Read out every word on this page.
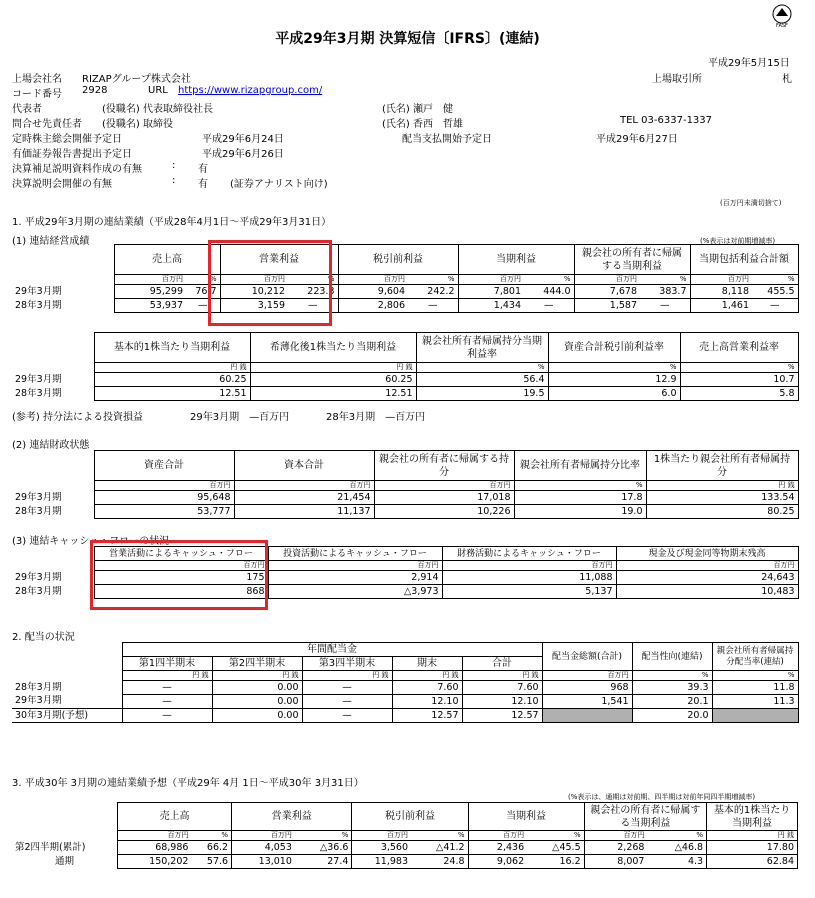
平成29年3月期 決算短信〔IFRS〕(連結)
FASF
平成29年5月15日
上場会社名 RIZAPグループ株式会社	上場取引所	札
コード番号 2928	URL https://www.rizapgroup.com/
代表者	(役職名) 代表取締役社長	(氏名) 瀬戸　健
問合せ先責任者 (役職名) 取締役	(氏名) 香西　哲雄	TEL 03-6337-1337
定時株主総会開催予定日	平成29年6月24日	配当支払開始予定日	平成29年6月27日
有価証券報告書提出予定日	平成29年6月26日
決算補足説明資料作成の有無	: 有
決算説明会開催の有無	: 有 (証券アナリスト向け)
(百万円未満切捨て)
1. 平成29年3月期の連結業績（平成28年4月1日～平成29年3月31日）
(1) 連結経営成績	(%表示は対前期増減率)
	売上高		営業利益		税引前利益		当期利益		親会社の所有者に帰属する当期利益		当期包括利益合計額	
	百万円	%	百万円	%	百万円	%	百万円	%	百万円	%	百万円	%
29年3月期	95,299	76.7	10,212	223.3	9,604	242.2	7,801	444.0	7,678	383.7	8,118	455.5
28年3月期	53,937	—	3,159	—	2,806	—	1,434	—	1,587	—	1,461	—
	基本的1株当たり当期利益	希薄化後1株当たり当期利益	親会社所有者帰属持分当期利益率	資産合計税引前利益率	売上高営業利益率
	円 銭	円 銭	%	%	%
29年3月期	60.25	60.25	56.4	12.9	10.7
28年3月期	12.51	12.51	19.5	6.0	5.8
(参考) 持分法による投資損益	29年3月期　—百万円	28年3月期　—百万円
(2) 連結財政状態
	資産合計	資本合計	親会社の所有者に帰属する持分	親会社所有者帰属持分比率	1株当たり親会社所有者帰属持分
	百万円	百万円	百万円	%	円 銭
29年3月期	95,648	21,454	17,018	17.8	133.54
28年3月期	53,777	11,137	10,226	19.0	80.25
(3) 連結キャッシュ・フローの状況
	営業活動によるキャッシュ・フロー	投資活動によるキャッシュ・フロー	財務活動によるキャッシュ・フロー	現金及び現金同等物期末残高
	百万円	百万円	百万円	百万円
29年3月期	175	2,914	11,088	24,643
28年3月期	868	△3,973	5,137	10,483
2. 配当の状況
	年間配当金					配当金総額(合計)	配当性向(連結)	親会社所有者帰属持分配当率(連結)
	第1四半期末	第2四半期末	第3四半期末	期末	合計			
	円 銭	円 銭	円 銭	円 銭	円 銭	百万円	%	%
28年3月期	—	0.00	—	7.60	7.60	968	39.3	11.8
29年3月期	—	0.00	—	12.10	12.10	1,541	20.1	11.3
30年3月期(予想)	—	0.00	—	12.57	12.57		20.0	
3. 平成30年 3月期の連結業績予想（平成29年 4月 1日～平成30年 3月31日）
(%表示は、通期は対前期、四半期は対前年同四半期増減率)
	売上高		営業利益		税引前利益		当期利益		親会社の所有者に帰属する当期利益		基本的1株当たり当期利益
	百万円	%	百万円	%	百万円	%	百万円	%	百万円	%	円 銭
第2四半期(累計)	68,986	66.2	4,053	△36.6	3,560	△41.2	2,436	△45.5	2,268	△46.8	17.80
通期	150,202	57.6	13,010	27.4	11,983	24.8	9,062	16.2	8,007	4.3	62.84
